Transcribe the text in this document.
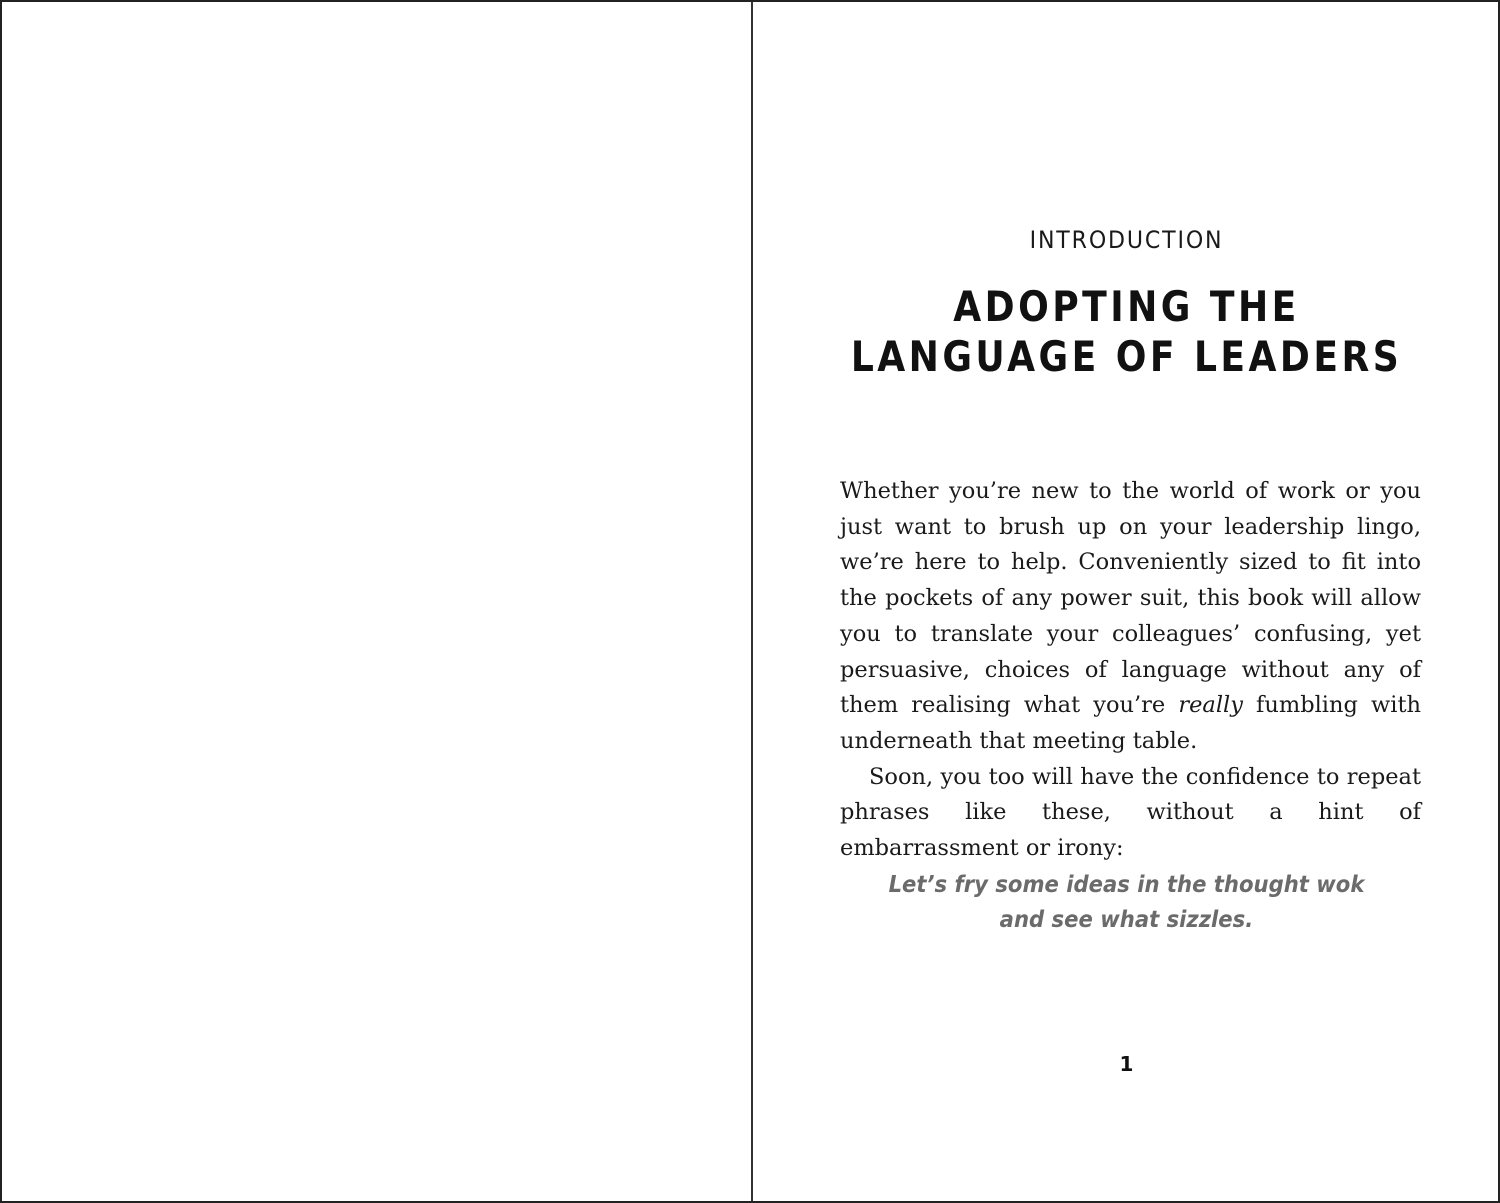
INTRODUCTION
ADOPTING THE
LANGUAGE OF LEADERS

Whether you’re new to the world of work or you just want to brush up on your leadership lingo, we’re here to help. Conveniently sized to fit into the pockets of any power suit, this book will allow you to translate your colleagues’ confusing, yet persuasive, choices of language without any of them realising what you’re really fumbling with underneath that meeting table.

Soon, you too will have the confidence to repeat phrases like these, without a hint of embarrassment or irony:

Let’s fry some ideas in the thought wok
and see what sizzles.
1
